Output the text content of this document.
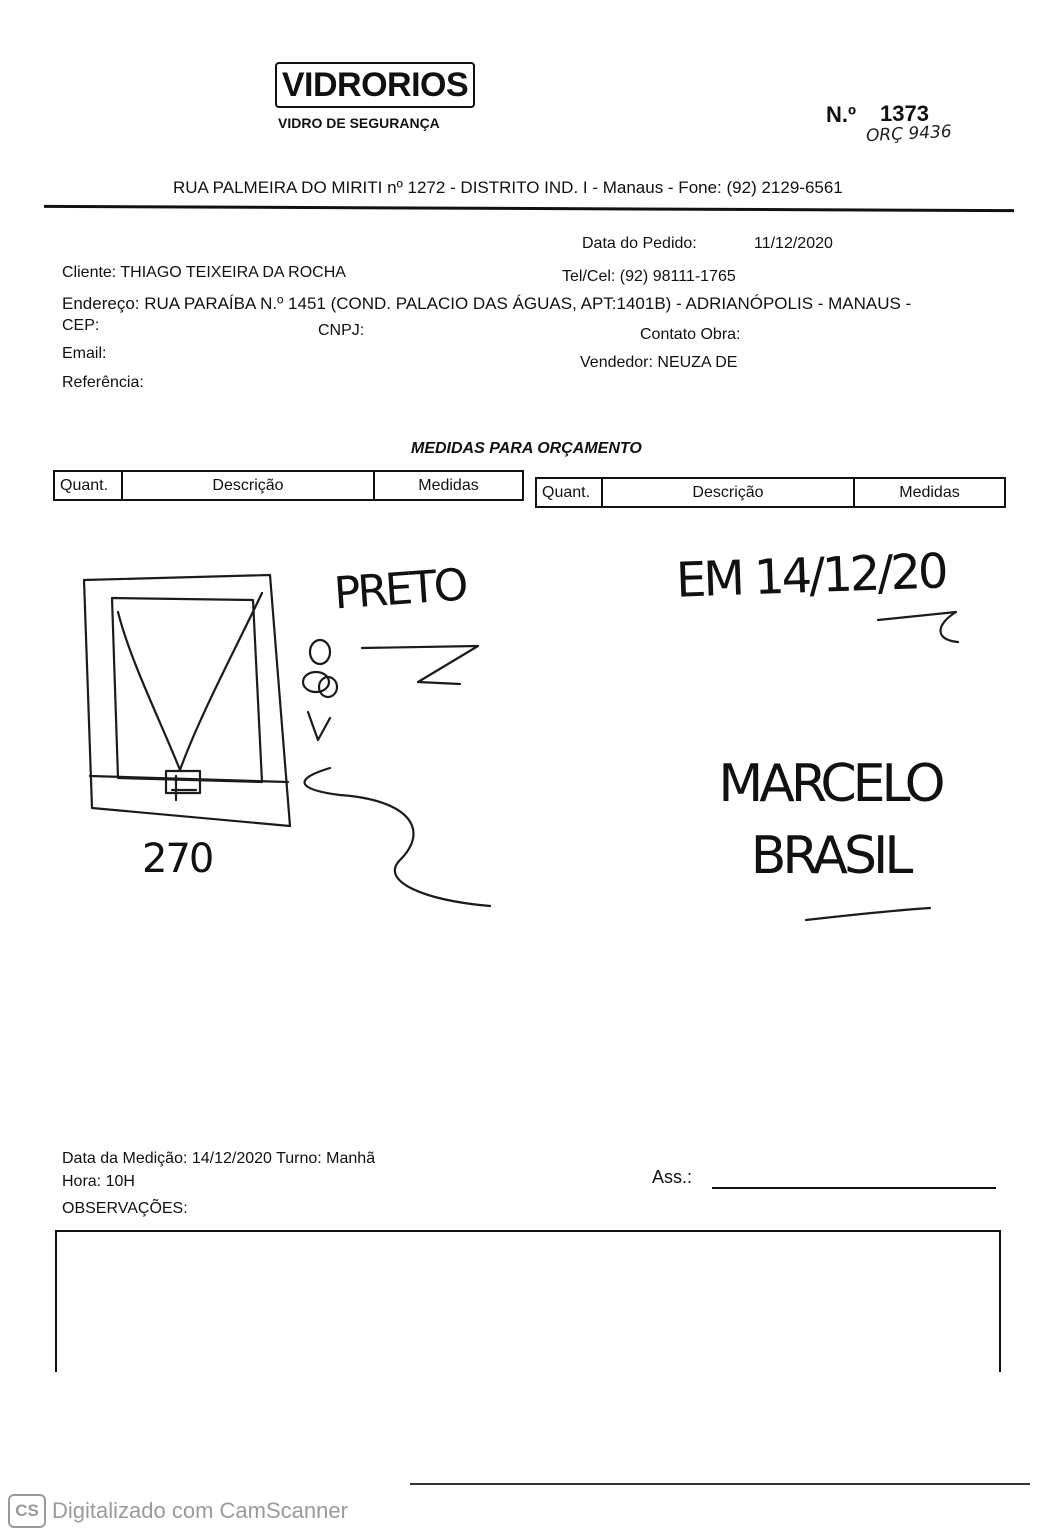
VIDRORIOS
VIDRO DE SEGURANÇA	N.º 1373
ORÇ 9436
RUA PALMEIRA DO MIRITI nº 1272 - DISTRITO IND. I - Manaus - Fone: (92) 2129-6561
Data do Pedido:	11/12/2020
Cliente: THIAGO TEIXEIRA DA ROCHA	Tel/Cel: (92) 98111-1765
Endereço: RUA PARAÍBA N.º 1451 (COND. PALACIO DAS ÁGUAS, APT:1401B) - ADRIANÓPOLIS - MANAUS -
CEP:	CNPJ:	Contato Obra:
Email:
Vendedor: NEUZA DE
Referência:
MEDIDAS PARA ORÇAMENTO
Quant.	Descrição	Medidas	Quant.	Descrição	Medidas
PRETO
270
EM 14/12/20
MARCELO BRASIL
Data da Medição: 14/12/2020 Turno: Manhã
Hora: 10H	Ass.:
OBSERVAÇÕES:
CS Digitalizado com CamScanner
